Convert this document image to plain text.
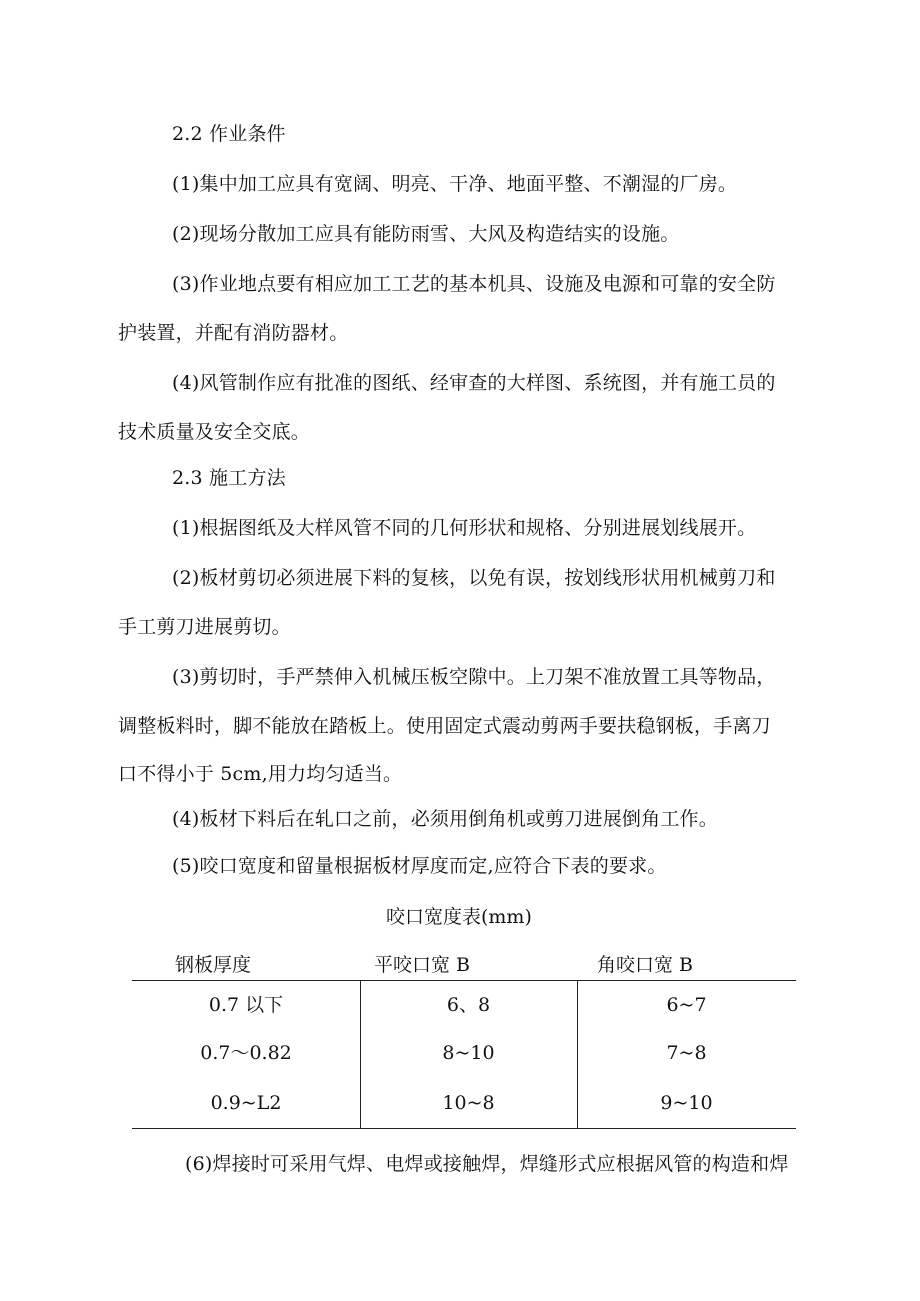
2.2 作业条件
(1)集中加工应具有宽阔、明亮、干净、地面平整、不潮湿的厂房。
(2)现场分散加工应具有能防雨雪、大风及构造结实的设施。
(3)作业地点要有相应加工工艺的基本机具、设施及电源和可靠的安全防
护装置，并配有消防器材。
(4)风管制作应有批准的图纸、经审查的大样图、系统图，并有施工员的
技术质量及安全交底。
2.3 施工方法
(1)根据图纸及大样风管不同的几何形状和规格、分别进展划线展开。
(2)板材剪切必须进展下料的复核，以免有误，按划线形状用机械剪刀和
手工剪刀进展剪切。
(3)剪切时，手严禁伸入机械压板空隙中。上刀架不准放置工具等物品，
调整板料时，脚不能放在踏板上。使用固定式震动剪两手要扶稳钢板，手离刀
口不得小于 5cm,用力均匀适当。
(4)板材下料后在轧口之前，必须用倒角机或剪刀进展倒角工作。
(5)咬口宽度和留量根据板材厚度而定,应符合下表的要求。
咬口宽度表(mm)
钢板厚度	平咬口宽 B	角咬口宽 B
0.7 以下	6、8	6~7
0.7～0.82	8~10	7~8
0.9~L2	10~8	9~10
(6)焊接时可采用气焊、电焊或接触焊，焊缝形式应根据风管的构造和焊
